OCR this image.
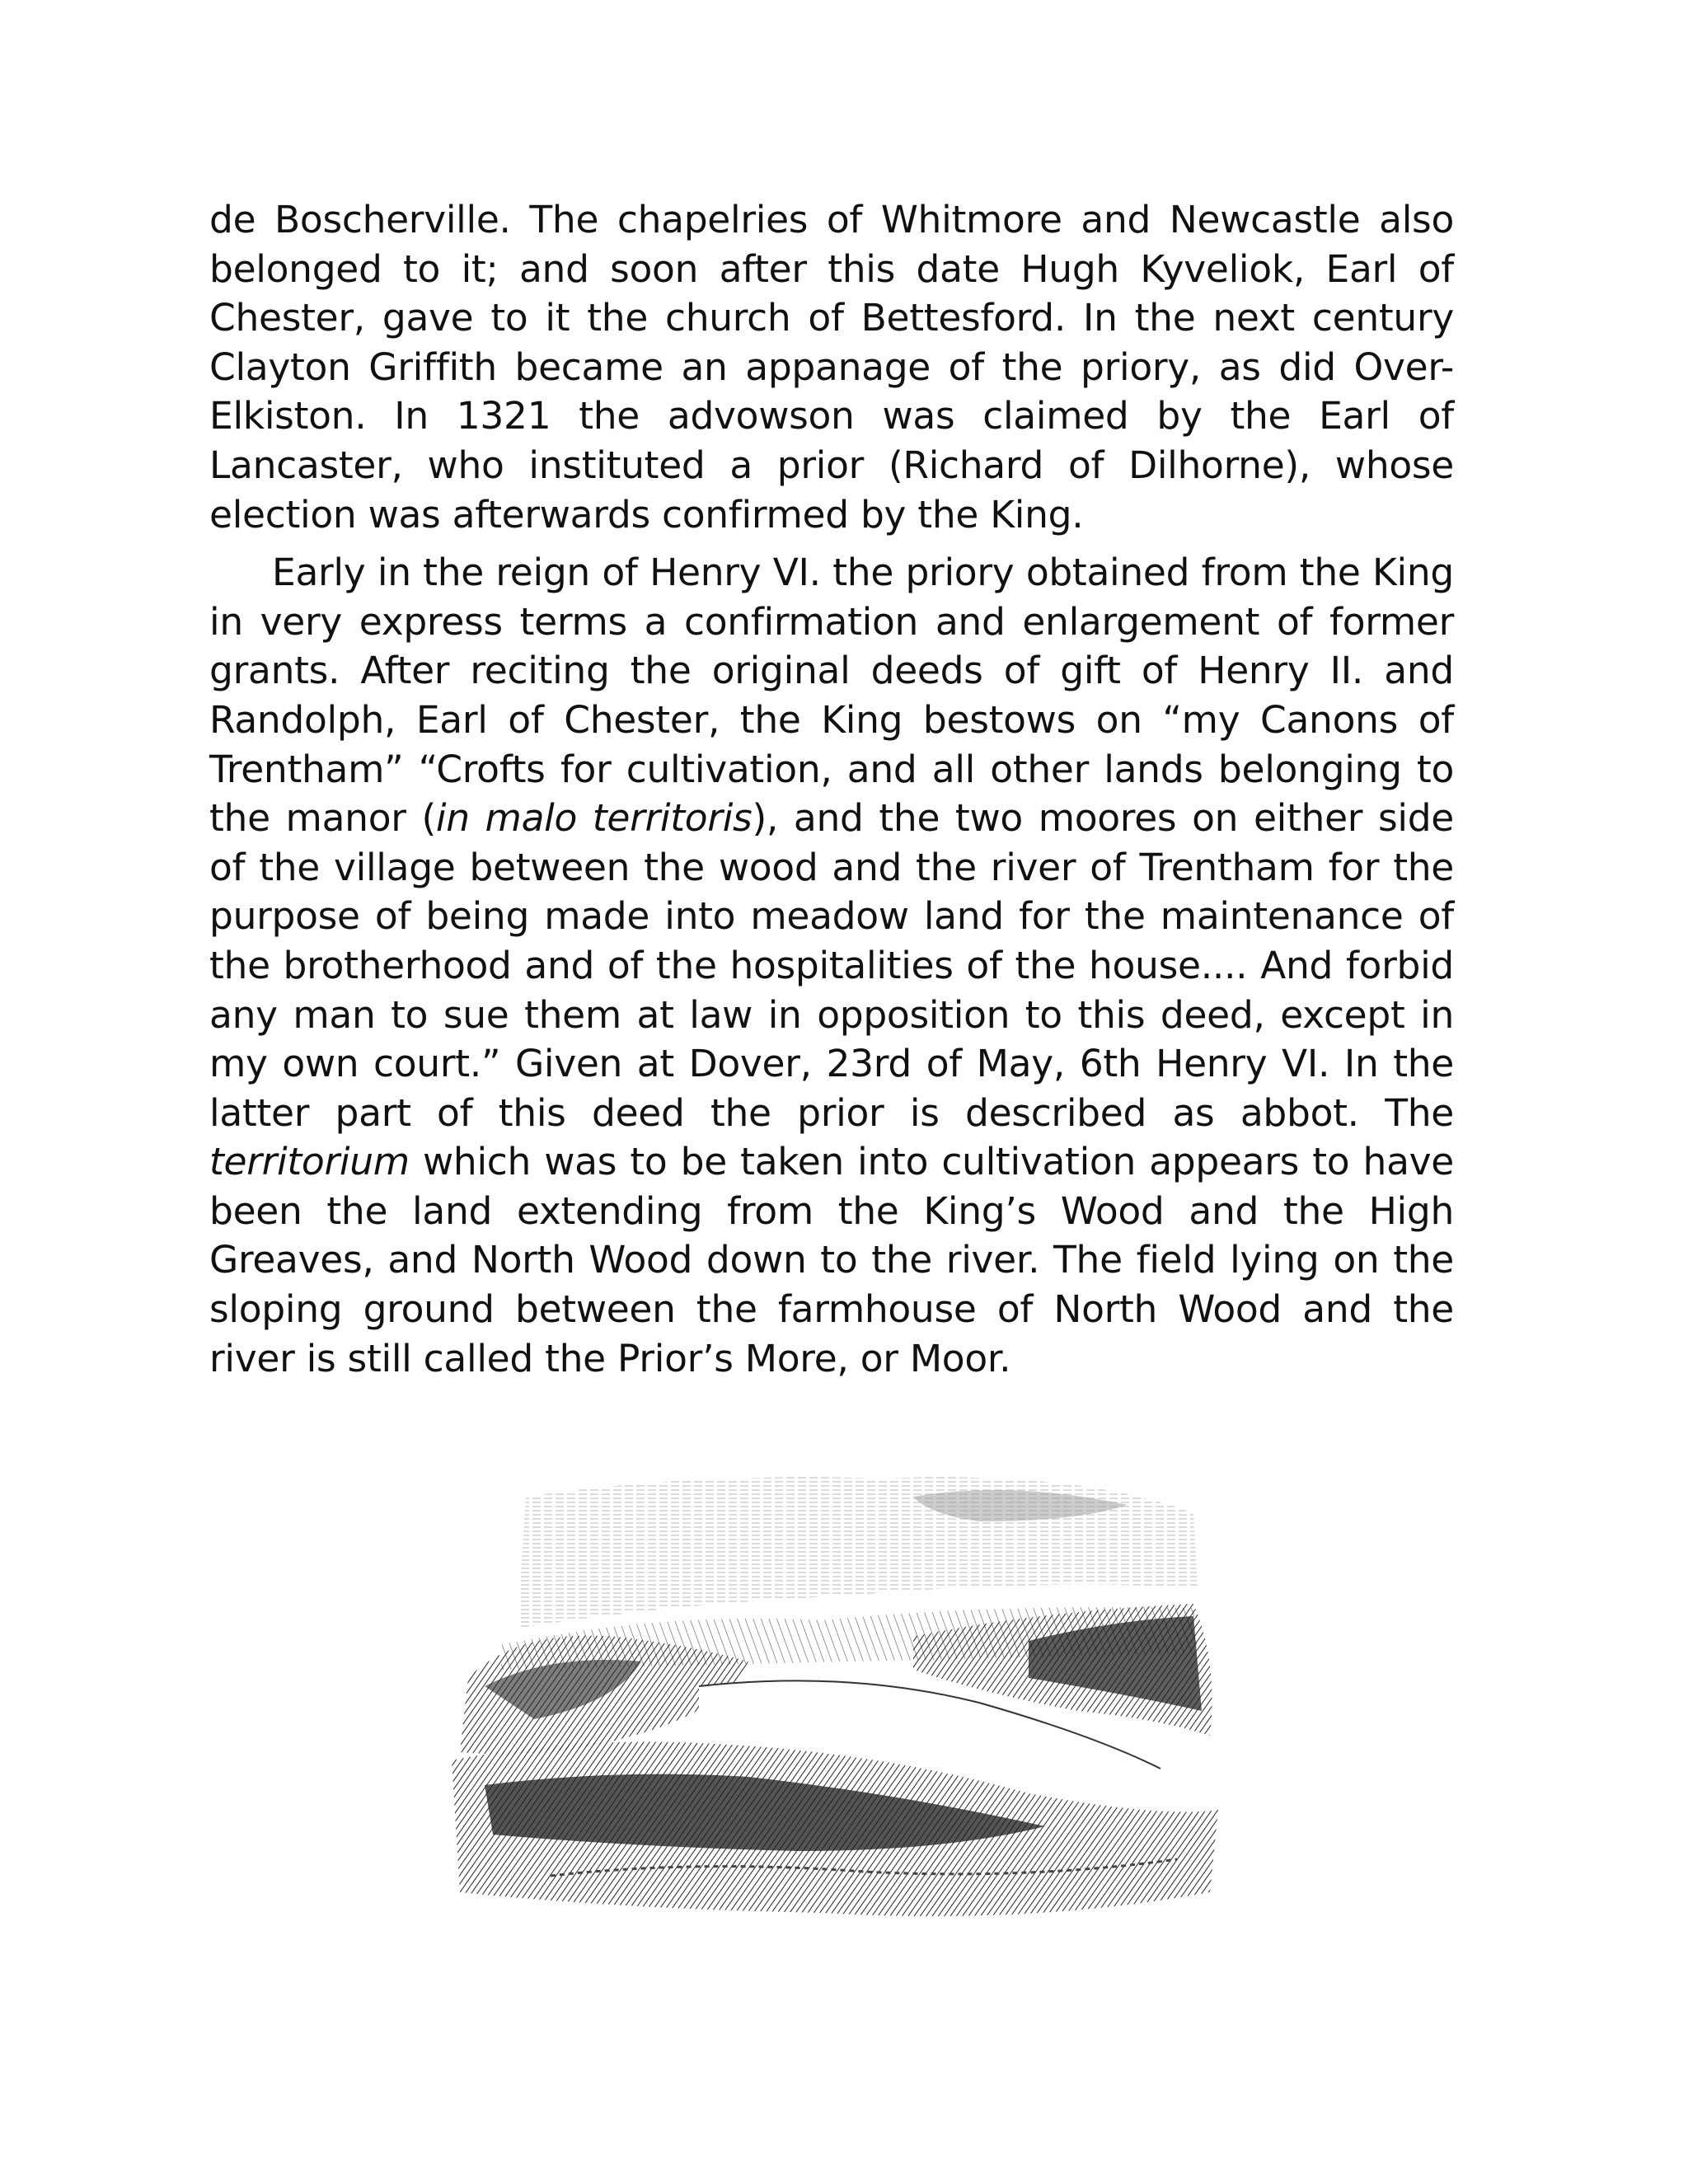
de Boscherville. The chapelries of Whitmore and Newcastle also belonged to it; and soon after this date Hugh Kyveliok, Earl of Chester, gave to it the church of Bettesford. In the next century Clayton Griffith became an appanage of the priory, as did Over-Elkiston. In 1321 the advowson was claimed by the Earl of Lancaster, who instituted a prior (Richard of Dilhorne), whose election was afterwards confirmed by the King.

Early in the reign of Henry VI. the priory obtained from the King in very express terms a confirmation and enlargement of former grants. After reciting the original deeds of gift of Henry II. and Randolph, Earl of Chester, the King bestows on “my Canons of Trentham” “Crofts for cultivation, and all other lands belonging to the manor (in malo territoris), and the two moores on either side of the village between the wood and the river of Trentham for the purpose of being made into meadow land for the maintenance of the brotherhood and of the hospitalities of the house.... And forbid any man to sue them at law in opposition to this deed, except in my own court.” Given at Dover, 23rd of May, 6th Henry VI. In the latter part of this deed the prior is described as abbot. The territorium which was to be taken into cultivation appears to have been the land extending from the King’s Wood and the High Greaves, and North Wood down to the river. The field lying on the sloping ground between the farmhouse of North Wood and the river is still called the Prior’s More, or Moor.
